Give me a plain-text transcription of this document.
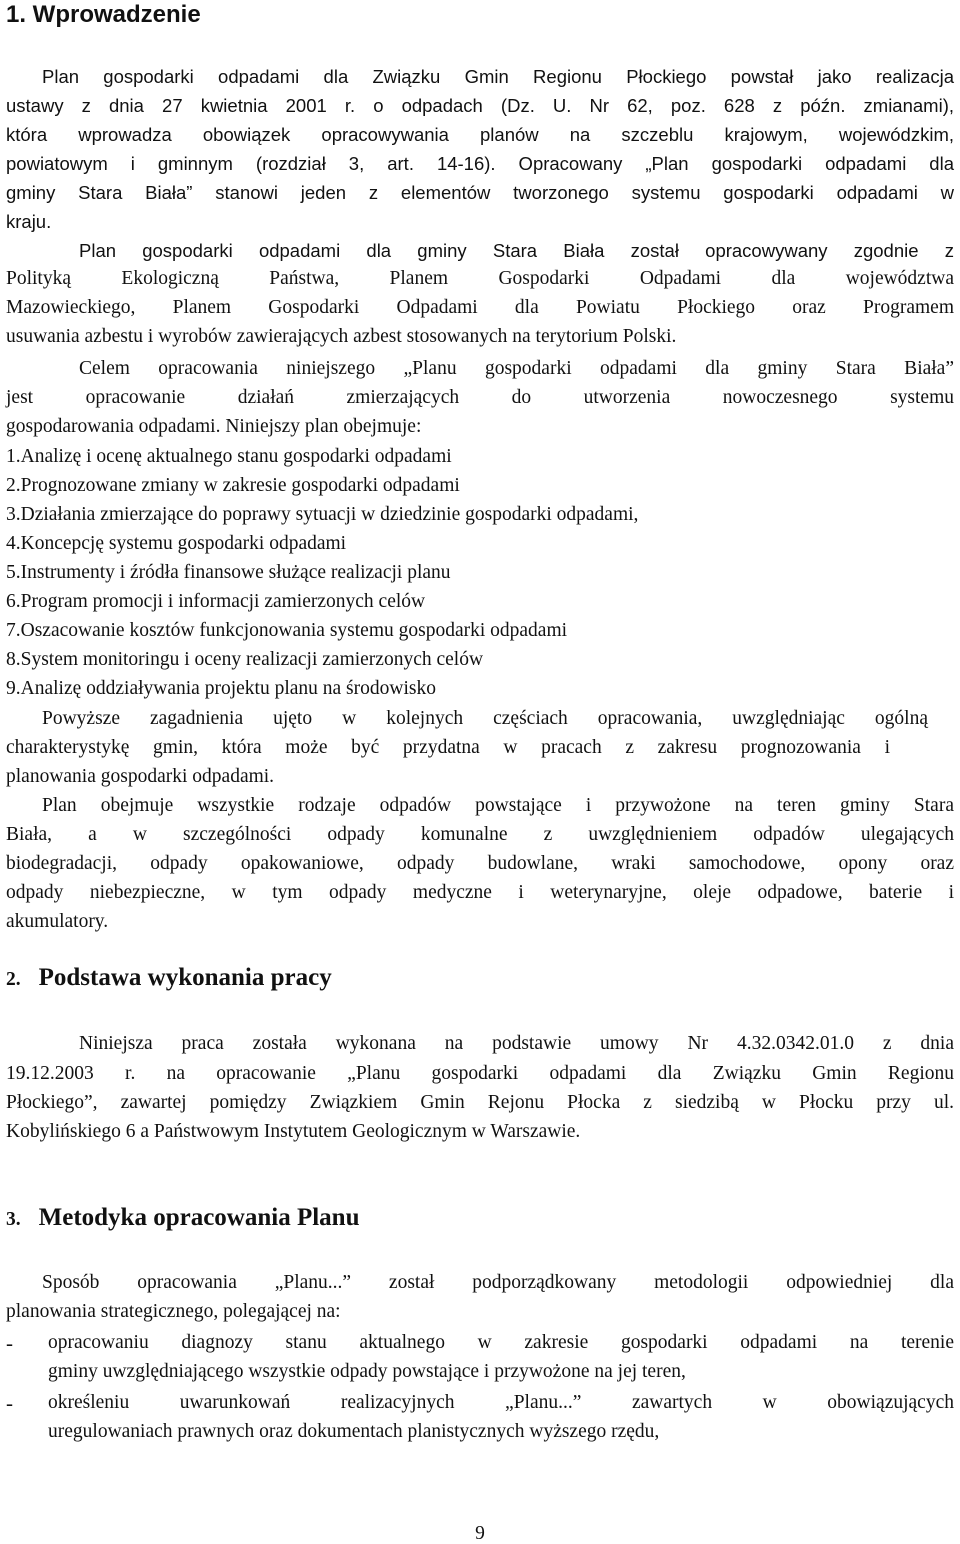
1. Wprowadzenie
Plan gospodarki odpadami dla Związku Gmin Regionu Płockiego powstał jako realizacja
ustawy z dnia 27 kwietnia 2001 r. o odpadach (Dz. U. Nr 62, poz. 628 z późn. zmianami),
która wprowadza obowiązek opracowywania planów na szczeblu krajowym, wojewódzkim,
powiatowym i gminnym (rozdział 3, art. 14-16). Opracowany „Plan gospodarki odpadami dla
gminy Stara Biała” stanowi jeden z elementów tworzonego systemu gospodarki odpadami w
kraju.
Plan gospodarki odpadami dla gminy Stara Biała został opracowywany zgodnie z
Polityką Ekologiczną Państwa, Planem Gospodarki Odpadami dla województwa
Mazowieckiego, Planem Gospodarki Odpadami dla Powiatu Płockiego oraz Programem
usuwania azbestu i wyrobów zawierających azbest stosowanych na terytorium Polski.
Celem opracowania niniejszego „Planu gospodarki odpadami dla gminy Stara Biała”
jest opracowanie działań zmierzających do utworzenia nowoczesnego systemu
gospodarowania odpadami. Niniejszy plan obejmuje:
1.Analizę i ocenę aktualnego stanu gospodarki odpadami
2.Prognozowane zmiany w zakresie gospodarki odpadami
3.Działania zmierzające do poprawy sytuacji w dziedzinie gospodarki odpadami,
4.Koncepcję systemu gospodarki odpadami
5.Instrumenty i źródła finansowe służące realizacji planu
6.Program promocji i informacji zamierzonych celów
7.Oszacowanie kosztów funkcjonowania systemu gospodarki odpadami
8.System monitoringu i oceny realizacji zamierzonych celów
9.Analizę oddziaływania projektu planu na środowisko
Powyższe zagadnienia ujęto w kolejnych częściach opracowania, uwzględniając ogólną
charakterystykę gmin, która może być przydatna w pracach z zakresu prognozowania i
planowania gospodarki odpadami.
Plan obejmuje wszystkie rodzaje odpadów powstające i przywożone na teren gminy Stara
Biała, a w szczególności odpady komunalne z uwzględnieniem odpadów ulegających
biodegradacji, odpady opakowaniowe, odpady budowlane, wraki samochodowe, opony oraz
odpady niebezpieczne, w tym odpady medyczne i weterynaryjne, oleje odpadowe, baterie i
akumulatory.
2. Podstawa wykonania pracy
Niniejsza praca została wykonana na podstawie umowy Nr 4.32.0342.01.0 z dnia
19.12.2003 r. na opracowanie „Planu gospodarki odpadami dla Związku Gmin Regionu
Płockiego”, zawartej pomiędzy Związkiem Gmin Rejonu Płocka z siedzibą w Płocku przy ul.
Kobylińskiego 6 a Państwowym Instytutem Geologicznym w Warszawie.
3. Metodyka opracowania Planu
Sposób opracowania „Planu...” został podporządkowany metodologii odpowiedniej dla
planowania strategicznego, polegającej na:
- opracowaniu diagnozy stanu aktualnego w zakresie gospodarki odpadami na terenie
gminy uwzględniającego wszystkie odpady powstające i przywożone na jej teren,
- określeniu uwarunkowań realizacyjnych „Planu...” zawartych w obowiązujących
uregulowaniach prawnych oraz dokumentach planistycznych wyższego rzędu,
9
